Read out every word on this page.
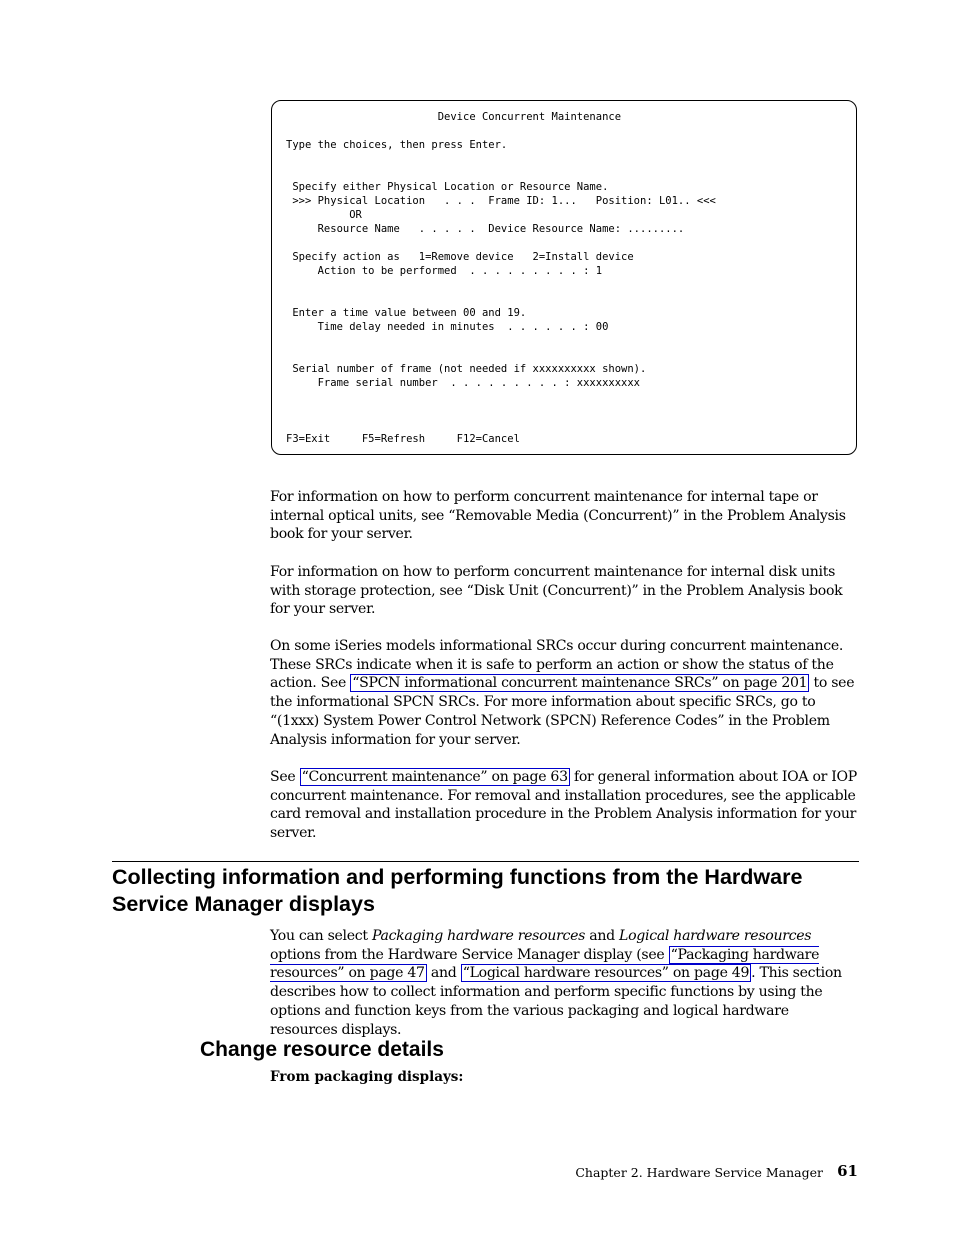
Device Concurrent Maintenance
Type the choices, then press Enter.
Specify either Physical Location or Resource Name.
>>> Physical Location   . . .  Frame ID: 1...   Position: L01.. <<<
OR
Resource Name   . . . . .  Device Resource Name: .........
Specify action as   1=Remove device   2=Install device
Action to be performed  . . . . . . . . . : 1
Enter a time value between 00 and 19.
Time delay needed in minutes  . . . . . . : 00
Serial number of frame (not needed if xxxxxxxxxx shown).
Frame serial number  . . . . . . . . . : xxxxxxxxxx
F3=Exit     F5=Refresh     F12=Cancel

For information on how to perform concurrent maintenance for internal tape or internal optical units, see “Removable Media (Concurrent)” in the Problem Analysis book for your server.

For information on how to perform concurrent maintenance for internal disk units with storage protection, see “Disk Unit (Concurrent)” in the Problem Analysis book for your server.

On some iSeries models informational SRCs occur during concurrent maintenance. These SRCs indicate when it is safe to perform an action or show the status of the action. See “SPCN informational concurrent maintenance SRCs” on page 201 to see the informational SPCN SRCs. For more information about specific SRCs, go to “(1xxx) System Power Control Network (SPCN) Reference Codes” in the Problem Analysis information for your server.

See “Concurrent maintenance” on page 63 for general information about IOA or IOP concurrent maintenance. For removal and installation procedures, see the applicable card removal and installation procedure in the Problem Analysis information for your server.

Collecting information and performing functions from the Hardware Service Manager displays

You can select Packaging hardware resources and Logical hardware resources options from the Hardware Service Manager display (see “Packaging hardware resources” on page 47 and “Logical hardware resources” on page 49 . This section describes how to collect information and perform specific functions by using the options and function keys from the various packaging and logical hardware resources displays.

Change resource details

From packaging displays:

Chapter 2. Hardware Service Manager 61
